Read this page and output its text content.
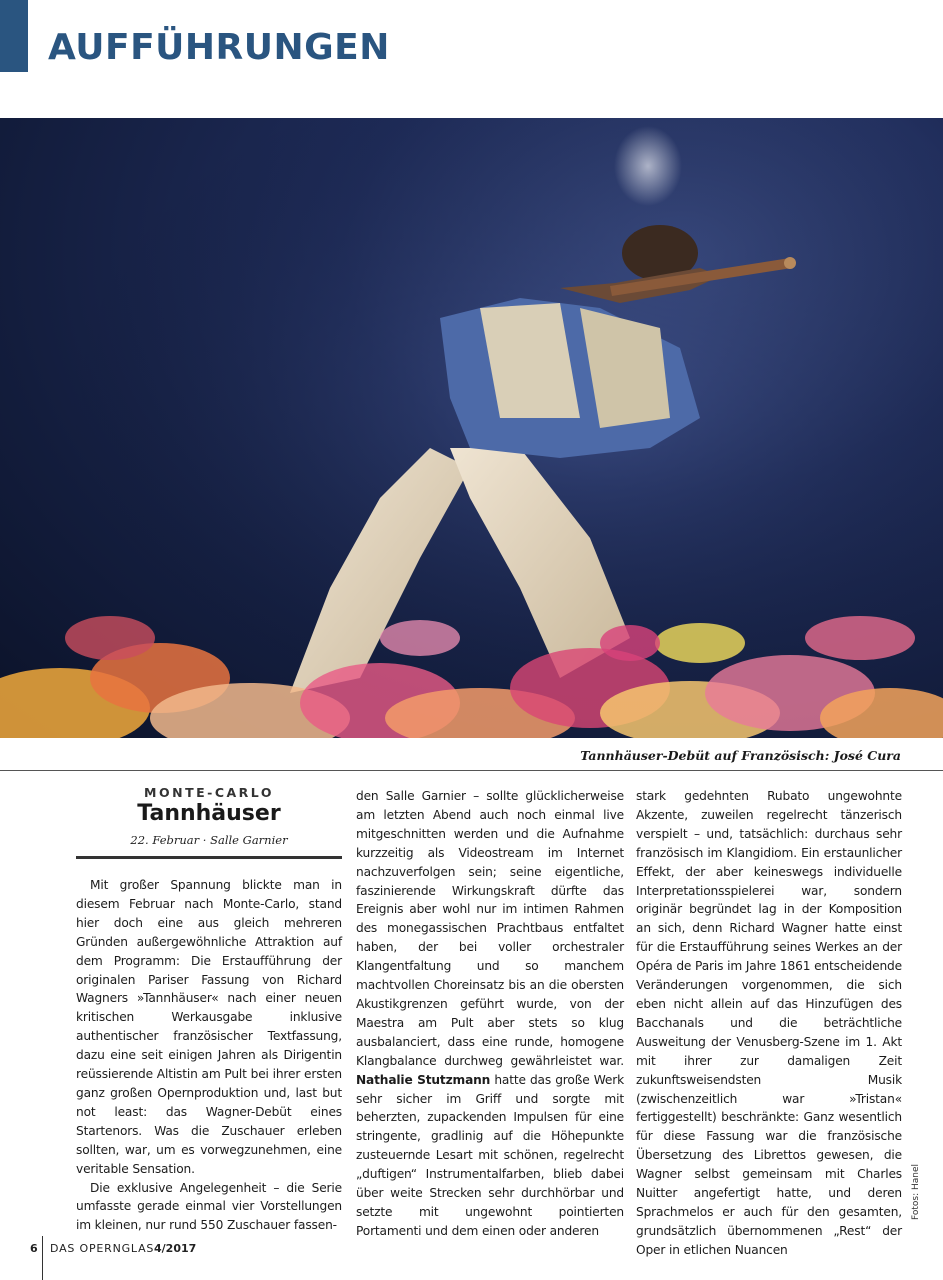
AUFFÜHRUNGEN

Tannhäuser-Debüt auf Französisch: José Cura

MONTE-CARLO

Tannhäuser

22. Februar · Salle Garnier

Mit großer Spannung blickte man in diesem Februar nach Monte-Carlo, stand hier doch eine aus gleich mehreren Gründen außergewöhnliche Attraktion auf dem Programm: Die Erstaufführung der originalen Pariser Fassung von Richard Wagners »Tannhäuser« nach einer neuen kritischen Werkausgabe inklusive authentischer französischer Textfassung, dazu eine seit einigen Jahren als Dirigentin reüssierende Altistin am Pult bei ihrer ersten ganz großen Opernproduktion und, last but not least: das Wagner-Debüt eines Startenors. Was die Zuschauer erleben sollten, war, um es vorwegzunehmen, eine veritable Sensation.

Die exklusive Angelegenheit – die Serie umfasste gerade einmal vier Vorstellungen im kleinen, nur rund 550 Zuschauer fassen-

den Salle Garnier – sollte glücklicherweise am letzten Abend auch noch einmal live mitgeschnitten werden und die Aufnahme kurzzeitig als Videostream im Internet nachzuverfolgen sein; seine eigentliche, faszinierende Wirkungskraft dürfte das Ereignis aber wohl nur im intimen Rahmen des monegassischen Prachtbaus entfaltet haben, der bei voller orchestraler Klangentfaltung und so manchem machtvollen Choreinsatz bis an die obersten Akustikgrenzen geführt wurde, von der Maestra am Pult aber stets so klug ausbalanciert, dass eine runde, homogene Klangbalance durchweg gewährleistet war. Nathalie Stutzmann hatte das große Werk sehr sicher im Griff und sorgte mit beherzten, zupackenden Impulsen für eine stringente, gradlinig auf die Höhepunkte zusteuernde Lesart mit schönen, regelrecht „duftigen“ Instrumentalfarben, blieb dabei über weite Strecken sehr durchhörbar und setzte mit ungewohnt pointierten Portamenti und dem einen oder anderen

stark gedehnten Rubato ungewohnte Akzente, zuweilen regelrecht tänzerisch verspielt – und, tatsächlich: durchaus sehr französisch im Klangidiom. Ein erstaunlicher Effekt, der aber keineswegs individuelle Interpretationsspielerei war, sondern originär begründet lag in der Komposition an sich, denn Richard Wagner hatte einst für die Erstaufführung seines Werkes an der Opéra de Paris im Jahre 1861 entscheidende Veränderungen vorgenommen, die sich eben nicht allein auf das Hinzufügen des Bacchanals und die beträchtliche Ausweitung der Venusberg-Szene im 1. Akt mit ihrer zur damaligen Zeit zukunftsweisendsten Musik (zwischenzeitlich war »Tristan« fertiggestellt) beschränkte: Ganz wesentlich für diese Fassung war die französische Übersetzung des Librettos gewesen, die Wagner selbst gemeinsam mit Charles Nuitter angefertigt hatte, und deren Sprachmelos er auch für den gesamten, grundsätzlich übernommenen „Rest“ der Oper in etlichen Nuancen

Fotos: Hanel

6 DAS OPERNGLAS 4/2017
